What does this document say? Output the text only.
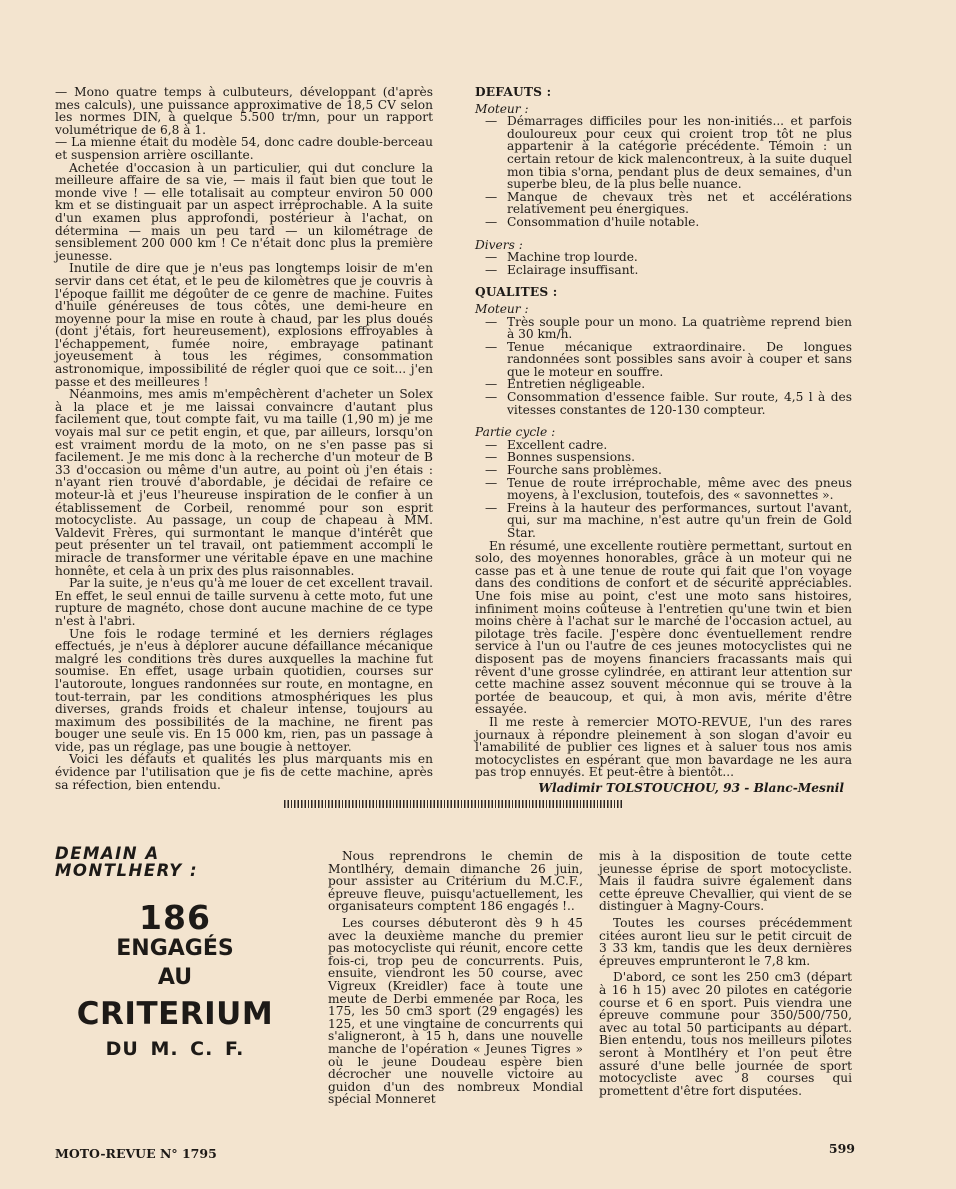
— Mono quatre temps à culbuteurs, développant (d'après mes calculs), une puissance approximative de 18,5 CV selon les normes DIN, à quelque 5.500 tr/mn, pour un rapport volumétrique de 6,8 à 1.

— La mienne était du modèle 54, donc cadre double-berceau et suspension arrière oscillante.

Achetée d'occasion à un particulier, qui dut conclure la meilleure affaire de sa vie, — mais il faut bien que tout le monde vive ! — elle totalisait au compteur environ 50 000 km et se distinguait par un aspect irréprochable. A la suite d'un examen plus approfondi, postérieur à l'achat, on détermina — mais un peu tard — un kilométrage de sensiblement 200 000 km ! Ce n'était donc plus la première jeunesse.

Inutile de dire que je n'eus pas longtemps loisir de m'en servir dans cet état, et le peu de kilomètres que je couvris à l'époque faillit me dégoûter de ce genre de machine. Fuites d'huile généreuses de tous côtés, une demi-heure en moyenne pour la mise en route à chaud, par les plus doués (dont j'étais, fort heureusement), explosions effroyables à l'échappement, fumée noire, embrayage patinant joyeusement à tous les régimes, consommation astronomique, impossibilité de régler quoi que ce soit... j'en passe et des meilleures !

Néanmoins, mes amis m'empêchèrent d'acheter un Solex à la place et je me laissai convaincre d'autant plus facilement que, tout compte fait, vu ma taille (1,90 m) je me voyais mal sur ce petit engin, et que, par ailleurs, lorsqu'on est vraiment mordu de la moto, on ne s'en passe pas si facilement. Je me mis donc à la recherche d'un moteur de B 33 d'occasion ou même d'un autre, au point où j'en étais : n'ayant rien trouvé d'abordable, je décidai de refaire ce moteur-là et j'eus l'heureuse inspiration de le confier à un établissement de Corbeil, renommé pour son esprit motocycliste. Au passage, un coup de chapeau à MM. Valdevit Frères, qui surmontant le manque d'intérêt que peut présenter un tel travail, ont patiemment accompli le miracle de transformer une véritable épave en une machine honnête, et cela à un prix des plus raisonnables.

Par la suite, je n'eus qu'à me louer de cet excellent travail. En effet, le seul ennui de taille survenu à cette moto, fut une rupture de magnéto, chose dont aucune machine de ce type n'est à l'abri.

Une fois le rodage terminé et les derniers réglages effectués, je n'eus à déplorer aucune défaillance mécanique malgré les conditions très dures auxquelles la machine fut soumise. En effet, usage urbain quotidien, courses sur l'autoroute, longues randonnées sur route, en montagne, en tout-terrain, par les conditions atmosphériques les plus diverses, grands froids et chaleur intense, toujours au maximum des possibilités de la machine, ne firent pas bouger une seule vis. En 15 000 km, rien, pas un passage à vide, pas un réglage, pas une bougie à nettoyer.

Voici les défauts et qualités les plus marquants mis en évidence par l'utilisation que je fis de cette machine, après sa réfection, bien entendu.

DEFAUTS :

Moteur :

— Démarrages difficiles pour les non-initiés... et parfois douloureux pour ceux qui croient trop tôt ne plus appartenir à la catégorie précédente. Témoin : un certain retour de kick malencontreux, à la suite duquel mon tibia s'orna, pendant plus de deux semaines, d'un superbe bleu, de la plus belle nuance.
— Manque de chevaux très net et accélérations relativement peu énergiques.
— Consommation d'huile notable.

Divers :

— Machine trop lourde.
— Eclairage insuffisant.

QUALITES :

Moteur :

— Très souple pour un mono. La quatrième reprend bien à 30 km/h.
— Tenue mécanique extraordinaire. De longues randonnées sont possibles sans avoir à couper et sans que le moteur en souffre.
— Entretien négligeable.
— Consommation d'essence faible. Sur route, 4,5 l à des vitesses constantes de 120-130 compteur.

Partie cycle :

— Excellent cadre.
— Bonnes suspensions.
— Fourche sans problèmes.
— Tenue de route irréprochable, même avec des pneus moyens, à l'exclusion, toutefois, des « savonnettes ».
— Freins à la hauteur des performances, surtout l'avant, qui, sur ma machine, n'est autre qu'un frein de Gold Star.

En résumé, une excellente routière permettant, surtout en solo, des moyennes honorables, grâce à un moteur qui ne casse pas et à une tenue de route qui fait que l'on voyage dans des conditions de confort et de sécurité appréciables. Une fois mise au point, c'est une moto sans histoires, infiniment moins coûteuse à l'entretien qu'une twin et bien moins chère à l'achat sur le marché de l'occasion actuel, au pilotage très facile. J'espère donc éventuellement rendre service à l'un ou l'autre de ces jeunes motocyclistes qui ne disposent pas de moyens financiers fracassants mais qui rêvent d'une grosse cylindrée, en attirant leur attention sur cette machine assez souvent méconnue qui se trouve à la portée de beaucoup, et qui, à mon avis, mérite d'être essayée.

Il me reste à remercier MOTO-REVUE, l'un des rares journaux à répondre pleinement à son slogan d'avoir eu l'amabilité de publier ces lignes et à saluer tous nos amis motocyclistes en espérant que mon bavardage ne les aura pas trop ennuyés. Et peut-être à bientôt...

Wladimir TOLSTOUCHOU, 93 - Blanc-Mesnil

DEMAIN A
MONTLHERY :
186
ENGAGÉS
AU
CRITERIUM
DU M. C. F.

Nous reprendrons le chemin de Montlhéry, demain dimanche 26 juin, pour assister au Critérium du M.C.F., épreuve fleuve, puisqu'actuellement, les organisateurs comptent 186 engagés !..

Les courses débuteront dès 9 h 45 avec la deuxième manche du premier pas motocycliste qui réunit, encore cette fois-ci, trop peu de concurrents. Puis, ensuite, viendront les 50 course, avec Vigreux (Kreidler) face à toute une meute de Derbi emmenée par Roca, les 175, les 50 cm3 sport (29 engagés) les 125, et une vingtaine de concurrents qui s'aligneront, à 15 h, dans une nouvelle manche de l'opération « Jeunes Tigres » où le jeune Doudeau espère bien décrocher une nouvelle victoire au guidon d'un des nombreux Mondial spécial Monneret

mis à la disposition de toute cette jeunesse éprise de sport motocycliste. Mais il faudra suivre également dans cette épreuve Chevallier, qui vient de se distinguer à Magny-Cours.

Toutes les courses précédemment citées auront lieu sur le petit circuit de 3 33 km, tandis que les deux dernières épreuves emprunteront le 7,8 km.

D'abord, ce sont les 250 cm3 (départ à 16 h 15) avec 20 pilotes en catégorie course et 6 en sport. Puis viendra une épreuve commune pour 350/500/750, avec au total 50 participants au départ. Bien entendu, tous nos meilleurs pilotes seront à Montlhéry et l'on peut être assuré d'une belle journée de sport motocycliste avec 8 courses qui promettent d'être fort disputées.

MOTO-REVUE N° 1795	599
